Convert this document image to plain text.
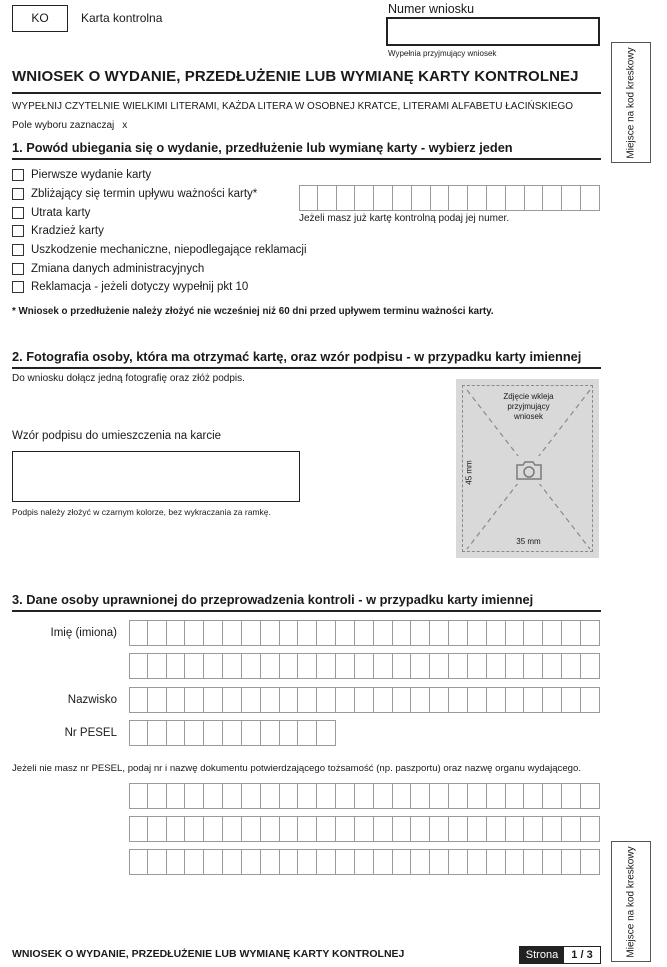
KO	Karta kontrolna
Numer wniosku
Wypełnia przyjmujący wniosek	Miejsce na kod kreskowy
Miejsce na kod kreskowy
WNIOSEK O WYDANIE, PRZEDŁUŻENIE LUB WYMIANĘ KARTY KONTROLNEJ
WYPEŁNIJ CZYTELNIE WIELKIMI LITERAMI, KAŻDA LITERA W OSOBNEJ KRATCE, LITERAMI ALFABETU ŁACIŃSKIEGO
Pole wyboru zaznaczaj x
1. Powód ubiegania się o wydanie, przedłużenie lub wymianę karty - wybierz jeden
Pierwsze wydanie karty
Zbliżający się termin upływu ważności karty*
Utrata karty
Kradzież karty
Uszkodzenie mechaniczne, niepodlegające reklamacji
Zmiana danych administracyjnych
Reklamacja - jeżeli dotyczy wypełnij pkt 10
Jeżeli masz już kartę kontrolną podaj jej numer.
* Wniosek o przedłużenie należy złożyć nie wcześniej niż 60 dni przed upływem terminu ważności karty.
2. Fotografia osoby, która ma otrzymać kartę, oraz wzór podpisu - w przypadku karty imiennej
Do wniosku dołącz jedną fotografię oraz złóż podpis.
Wzór podpisu do umieszczenia na karcie
Podpis należy złożyć w czarnym kolorze, bez wykraczania za ramkę.
Zdjęcie wkleja przyjmujący wniosek
45 mm
35 mm
3. Dane osoby uprawnionej do przeprowadzenia kontroli - w przypadku karty imiennej
Imię (imiona)
Nazwisko
Nr PESEL
Jeżeli nie masz nr PESEL, podaj nr i nazwę dokumentu potwierdzającego tożsamość (np. paszportu) oraz nazwę organu wydającego.
WNIOSEK O WYDANIE, PRZEDŁUŻENIE LUB WYMIANĘ KARTY KONTROLNEJ	Strona	1 / 3
